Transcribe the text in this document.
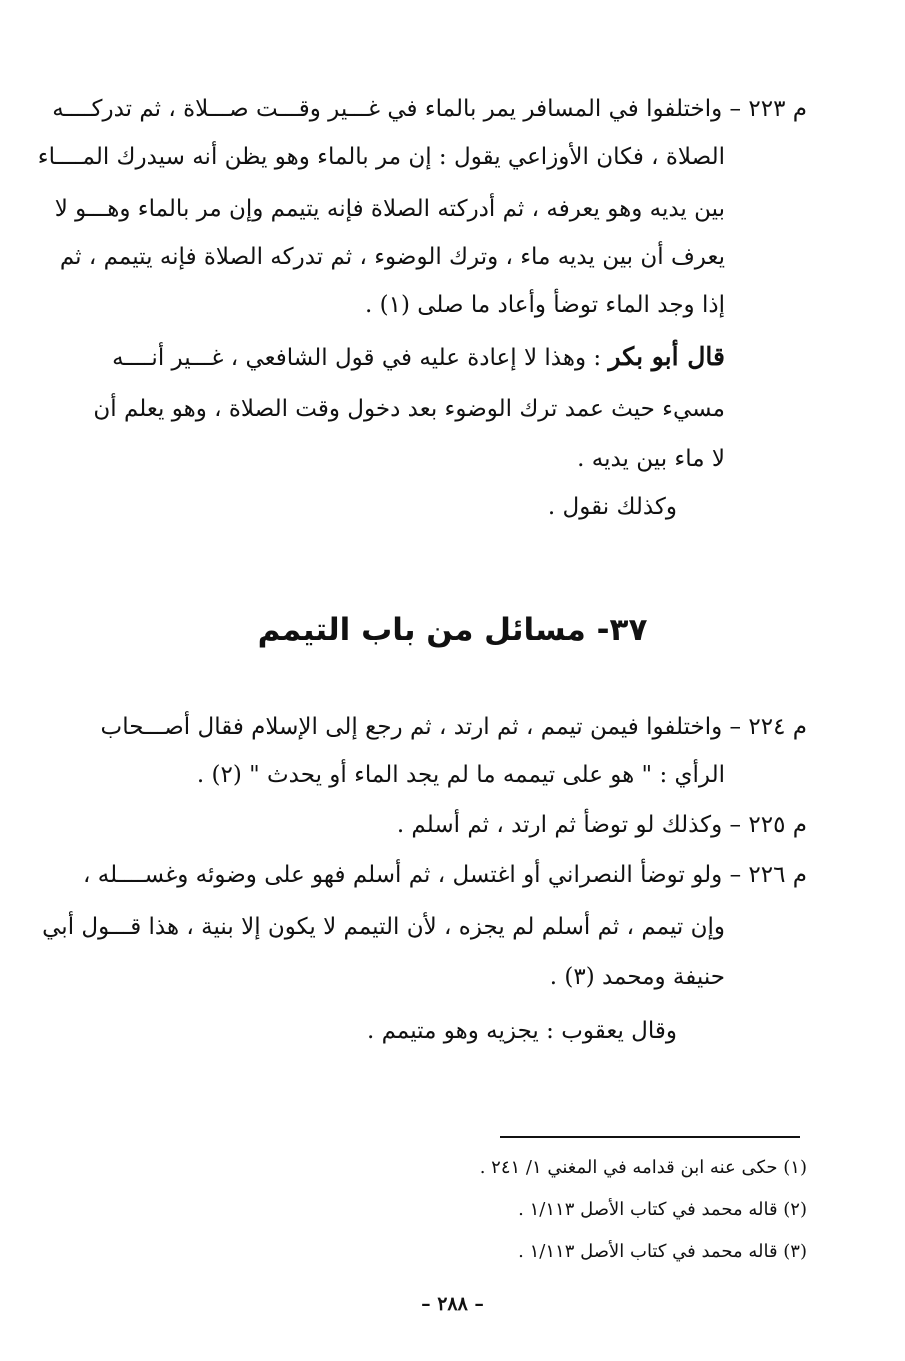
م ٢٢٣ – واختلفوا في المسافر يمر بالماء في غـــير وقـــت صـــلاة ، ثم تدركــــه
الصلاة ، فكان الأوزاعي يقول : إن مر بالماء وهو يظن أنه سيدرك المــــاء
بين يديه وهو يعرفه ، ثم أدركته الصلاة فإنه يتيمم وإن مر بالماء وهـــو لا
يعرف أن بين يديه ماء ، وترك الوضوء ، ثم تدركه الصلاة فإنه يتيمم ، ثم
إذا وجد الماء توضأ وأعاد ما صلى (١) .
قال أبو بكر : وهذا لا إعادة عليه في قول الشافعي ، غـــير أنــــه
مسيء حيث عمد ترك الوضوء بعد دخول وقت الصلاة ، وهو يعلم أن
لا ماء بين يديه .
وكذلك نقول .
٣٧- مسائل من باب التيمم
م ٢٢٤ – واختلفوا فيمن تيمم ، ثم ارتد ، ثم رجع إلى الإسلام فقال أصـــحاب
الرأي : " هو على تيممه ما لم يجد الماء أو يحدث " (٢) .
م ٢٢٥ – وكذلك لو توضأ ثم ارتد ، ثم أسلم .
م ٢٢٦ – ولو توضأ النصراني أو اغتسل ، ثم أسلم فهو على وضوئه وغســــله ،
وإن تيمم ، ثم أسلم لم يجزه ، لأن التيمم لا يكون إلا بنية ، هذا قـــول أبي
حنيفة ومحمد (٣) .
وقال يعقوب : يجزيه وهو متيمم .
(١) حكى عنه ابن قدامه في المغني ١/ ٢٤١ .
(٢) قاله محمد في كتاب الأصل ١/١١٣ .
(٣) قاله محمد في كتاب الأصل ١/١١٣ .
– ٢٨٨ –
